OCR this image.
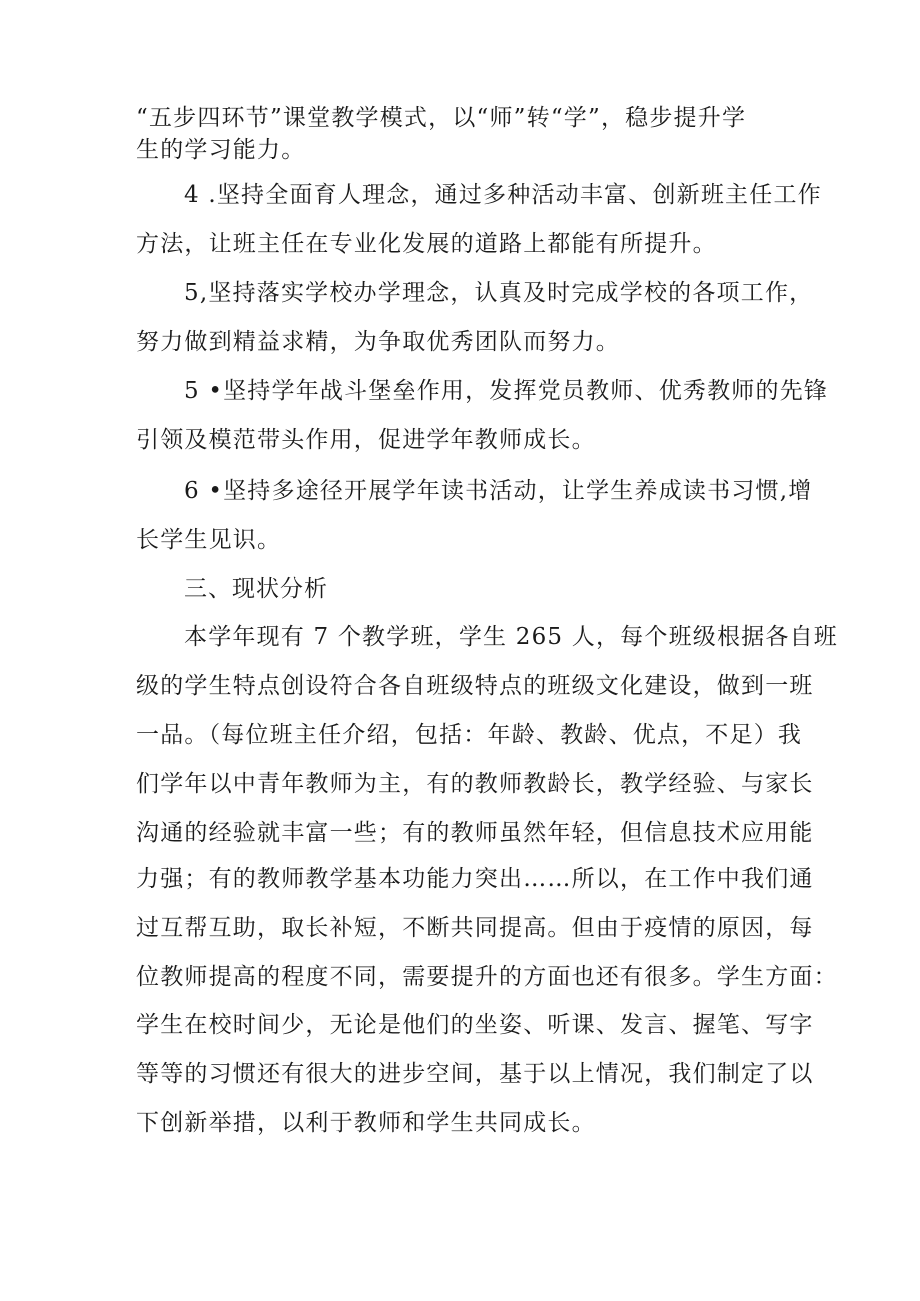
“五步四环节”课堂教学模式，以“师”转“学”，稳步提升学
生的学习能力。
4 .坚持全面育人理念，通过多种活动丰富、创新班主任工作
方法，让班主任在专业化发展的道路上都能有所提升。
5,坚持落实学校办学理念，认真及时完成学校的各项工作，
努力做到精益求精，为争取优秀团队而努力。
5 •坚持学年战斗堡垒作用，发挥党员教师、优秀教师的先锋
引领及模范带头作用，促进学年教师成长。
6 •坚持多途径开展学年读书活动，让学生养成读书习惯,增
长学生见识。
三、现状分析
本学年现有 7 个教学班，学生 265 人，每个班级根据各自班
级的学生特点创设符合各自班级特点的班级文化建设，做到一班
一品。（每位班主任介绍，包括：年龄、教龄、优点，不足）我
们学年以中青年教师为主，有的教师教龄长，教学经验、与家长
沟通的经验就丰富一些；有的教师虽然年轻，但信息技术应用能
力强；有的教师教学基本功能力突出……所以，在工作中我们通
过互帮互助，取长补短，不断共同提高。但由于疫情的原因，每
位教师提高的程度不同，需要提升的方面也还有很多。学生方面：
学生在校时间少，无论是他们的坐姿、听课、发言、握笔、写字
等等的习惯还有很大的进步空间，基于以上情况，我们制定了以
下创新举措，以利于教师和学生共同成长。
